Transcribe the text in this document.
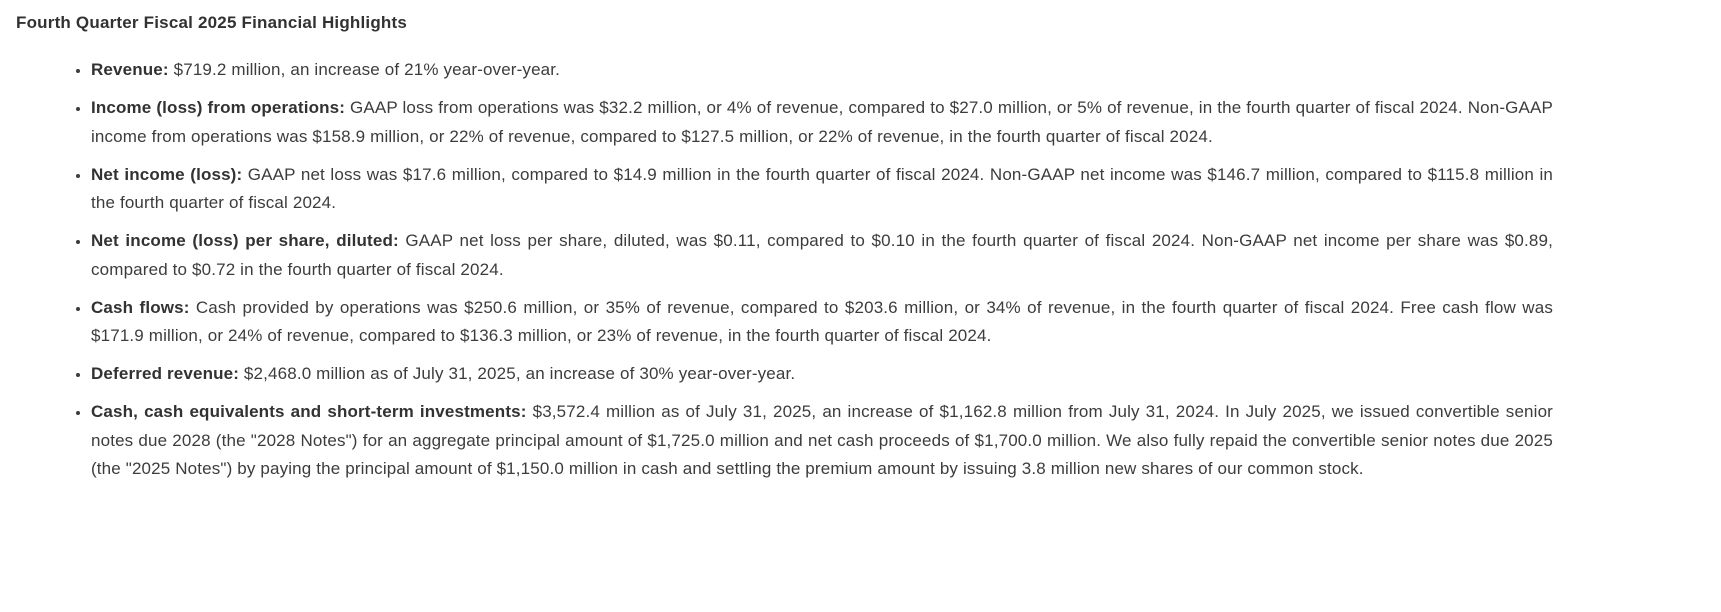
Fourth Quarter Fiscal 2025 Financial Highlights
• Revenue: $719.2 million, an increase of 21% year-over-year.
• Income (loss) from operations: GAAP loss from operations was $32.2 million, or 4% of revenue, compared to $27.0 million, or 5% of revenue, in the fourth quarter of fiscal 2024. Non-GAAP income from operations was $158.9 million, or 22% of revenue, compared to $127.5 million, or 22% of revenue, in the fourth quarter of fiscal 2024.
• Net income (loss): GAAP net loss was $17.6 million, compared to $14.9 million in the fourth quarter of fiscal 2024. Non-GAAP net income was $146.7 million, compared to $115.8 million in the fourth quarter of fiscal 2024.
• Net income (loss) per share, diluted: GAAP net loss per share, diluted, was $0.11, compared to $0.10 in the fourth quarter of fiscal 2024. Non-GAAP net income per share was $0.89, compared to $0.72 in the fourth quarter of fiscal 2024.
• Cash flows: Cash provided by operations was $250.6 million, or 35% of revenue, compared to $203.6 million, or 34% of revenue, in the fourth quarter of fiscal 2024. Free cash flow was $171.9 million, or 24% of revenue, compared to $136.3 million, or 23% of revenue, in the fourth quarter of fiscal 2024.
• Deferred revenue: $2,468.0 million as of July 31, 2025, an increase of 30% year-over-year.
• Cash, cash equivalents and short-term investments: $3,572.4 million as of July 31, 2025, an increase of $1,162.8 million from July 31, 2024. In July 2025, we issued convertible senior notes due 2028 (the "2028 Notes") for an aggregate principal amount of $1,725.0 million and net cash proceeds of $1,700.0 million. We also fully repaid the convertible senior notes due 2025 (the "2025 Notes") by paying the principal amount of $1,150.0 million in cash and settling the premium amount by issuing 3.8 million new shares of our common stock.
